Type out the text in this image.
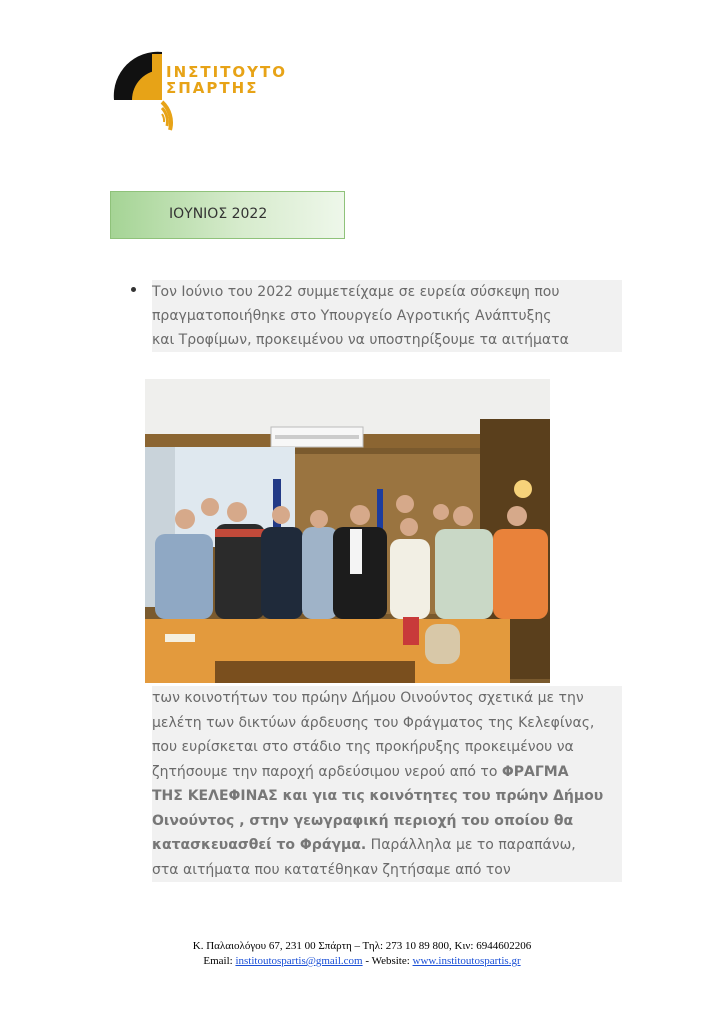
ΙΝΣΤΙΤΟΥΤΟ
ΣΠΑΡΤΗΣ
ΙΟΥΝΙΟΣ 2022

Τον Ιούνιο του 2022 συμμετείχαμε σε ευρεία σύσκεψη που
πραγματοποιήθηκε στο Υπουργείο Αγροτικής Ανάπτυξης
και Τροφίμων, προκειμένου να υποστηρίξουμε τα αιτήματα

των κοινοτήτων του πρώην Δήμου Οινούντος σχετικά με την
μελέτη των δικτύων άρδευσης του Φράγματος της Κελεφίνας,
που ευρίσκεται στο στάδιο της προκήρυξης προκειμένου να
ζητήσουμε την παροχή αρδεύσιμου νερού από το ΦΡΑΓΜΑ
ΤΗΣ ΚΕΛΕΦΙΝΑΣ και για τις κοινότητες του πρώην Δήμου
Οινούντος , στην γεωγραφική περιοχή του οποίου θα
κατασκευασθεί το Φράγμα. Παράλληλα με το παραπάνω,
στα αιτήματα που κατατέθηκαν ζητήσαμε από τον

Κ. Παλαιολόγου 67, 231 00 Σπάρτη – Τηλ: 273 10 89 800, Κιν: 6944602206
Email: institoutospartis@gmail.com - Website: www.institoutospartis.gr
